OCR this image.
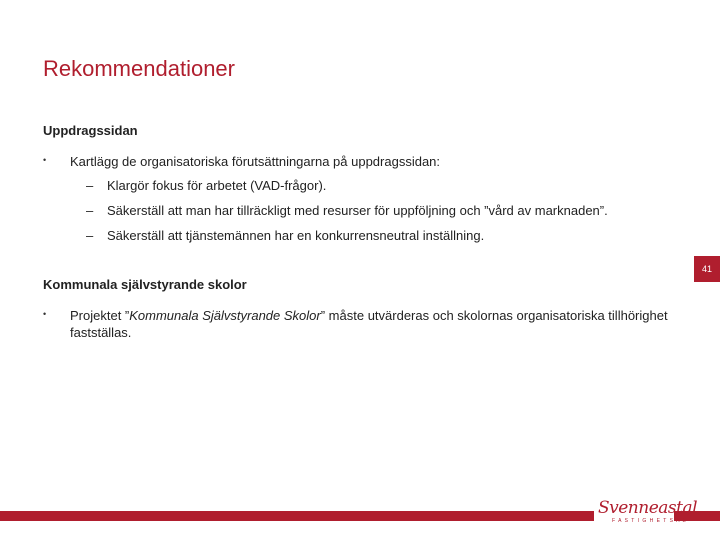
Rekommendationer
Uppdragssidan
• Kartlägg de organisatoriska förutsättningarna på uppdragssidan:
– Klargör fokus för arbetet (VAD-frågor).
– Säkerställ att man har tillräckligt med resurser för uppföljning och ”vård av marknaden”.
– Säkerställ att tjänstemännen har en konkurrensneutral inställning.
Kommunala självstyrande skolor
• Projektet ”Kommunala Självstyrande Skolor” måste utvärderas och skolornas organisatoriska tillhörighet fastställas.
41
Svenneastal
F A S T I G H E T S A B
